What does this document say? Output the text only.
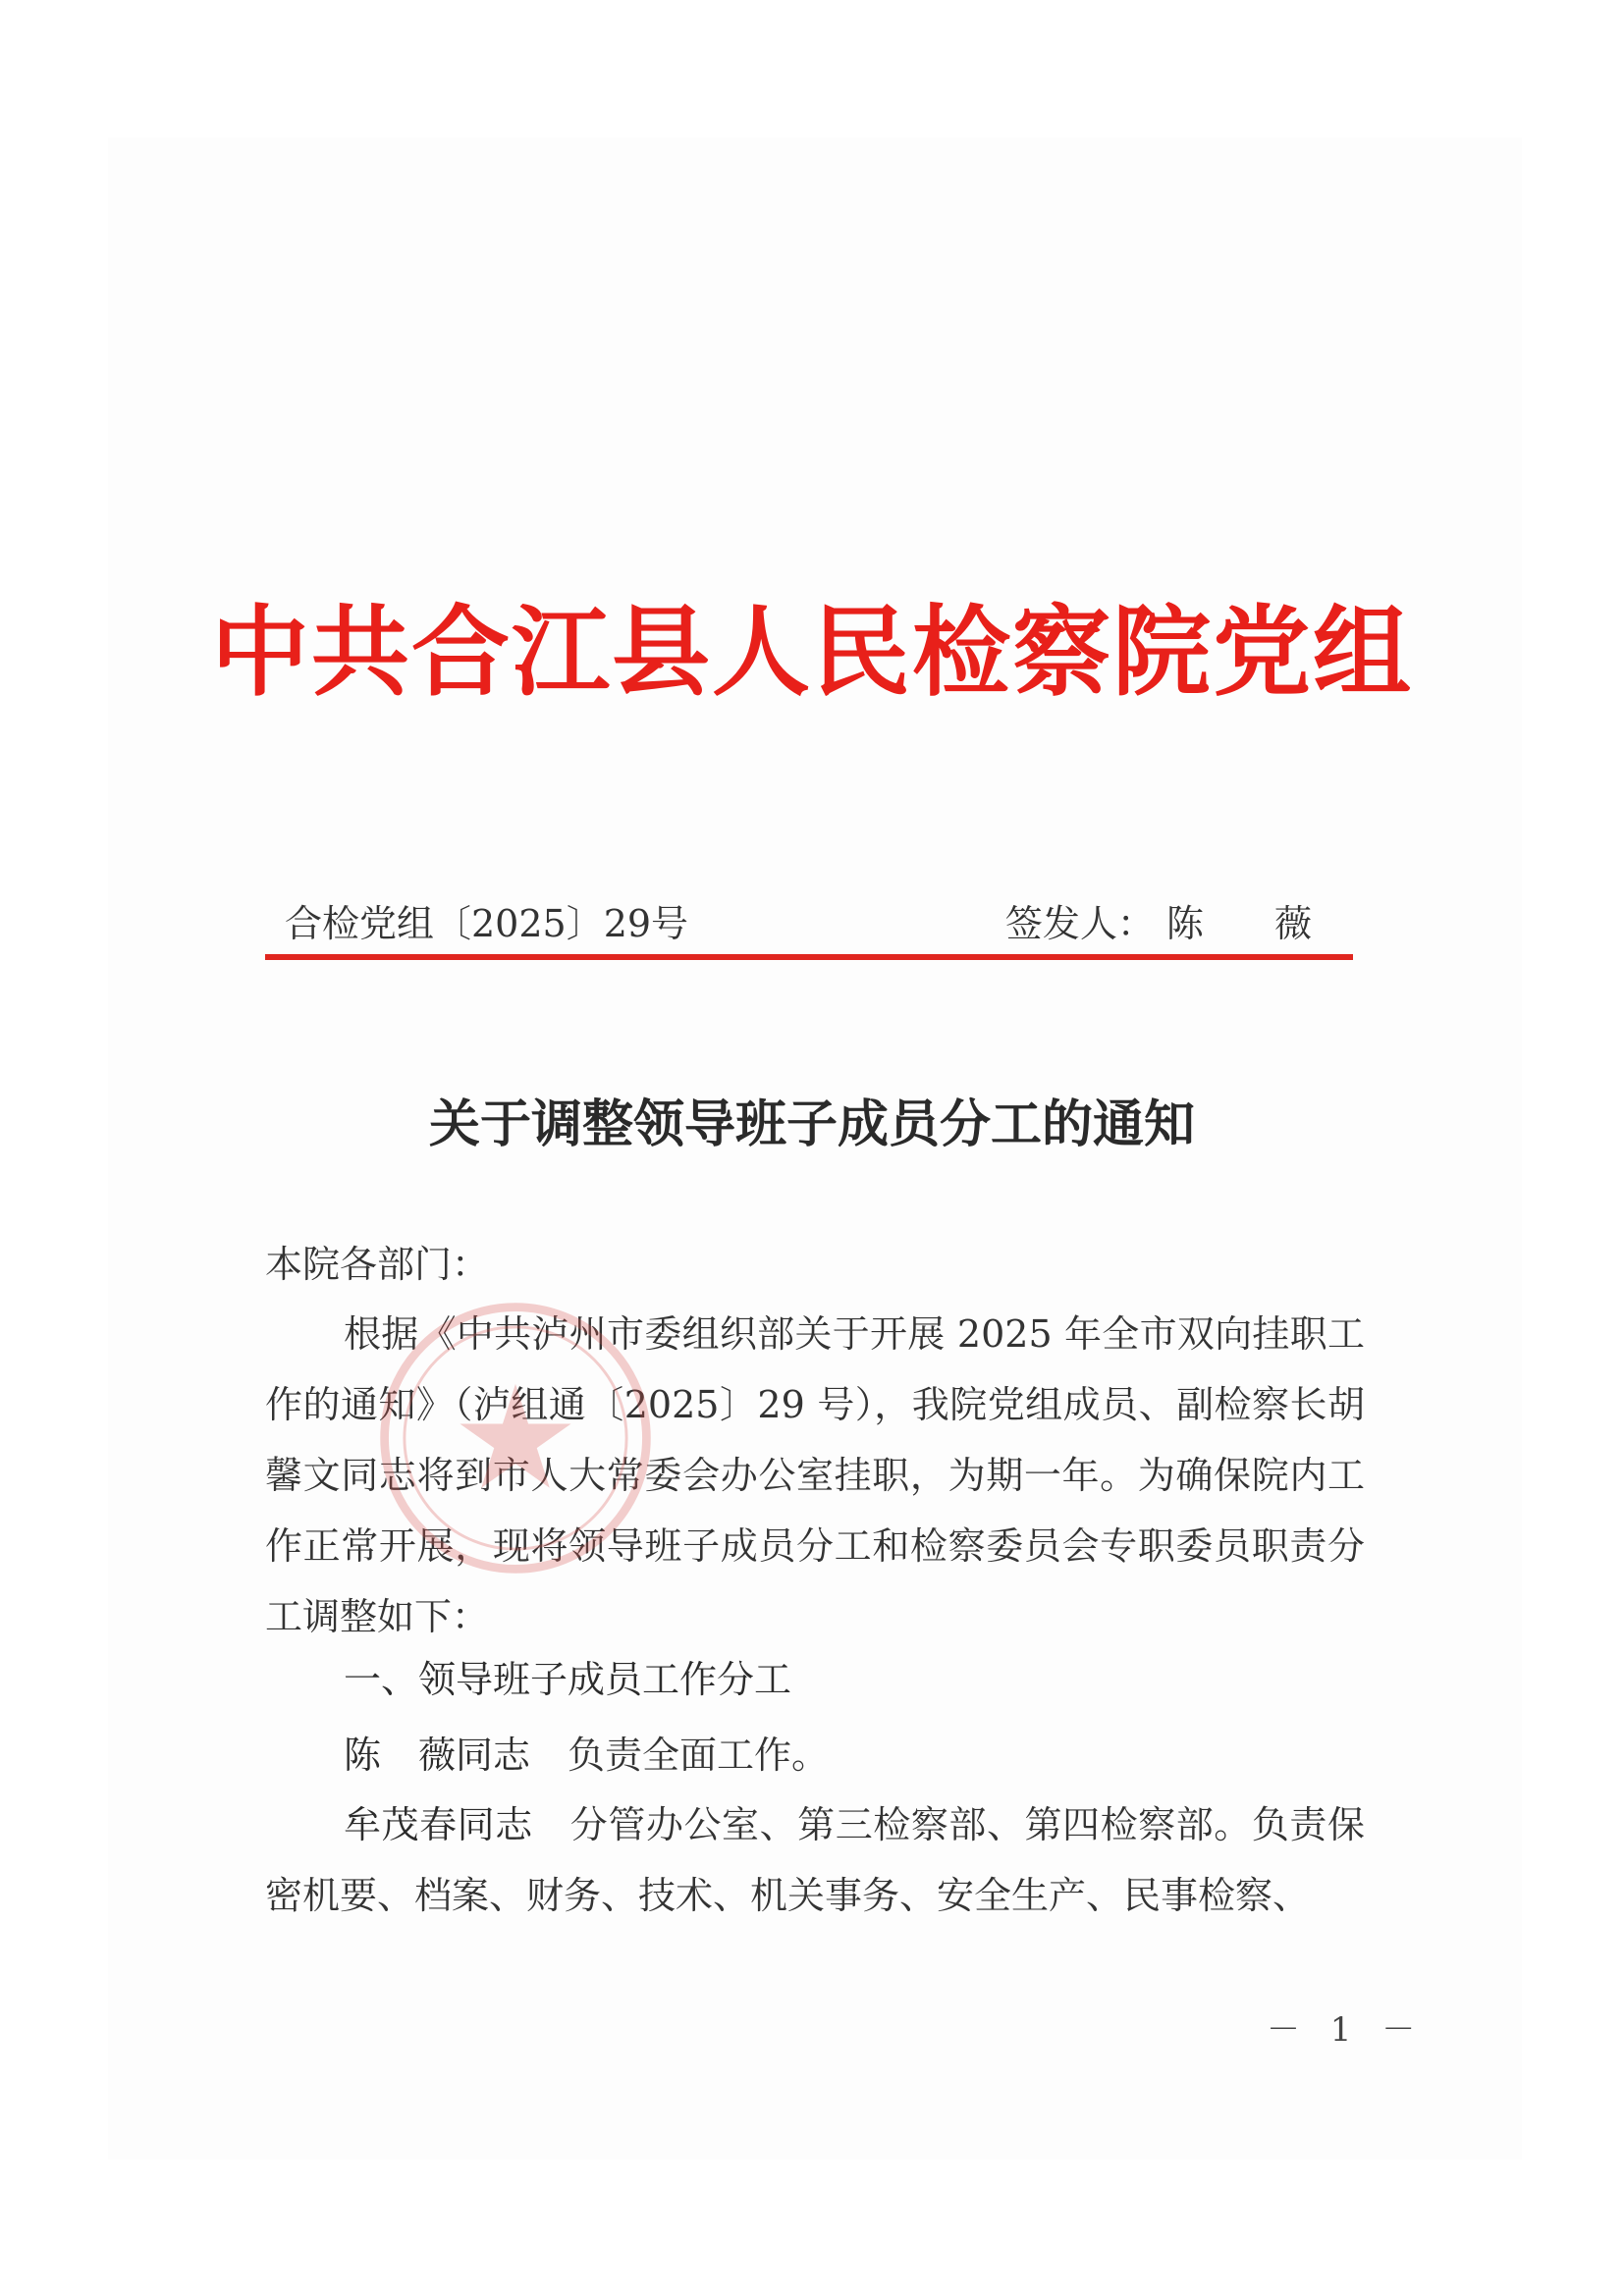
中共合江县人民检察院党组
合检党组〔2025〕29号	签发人： 陈 薇
关于调整领导班子成员分工的通知
本院各部门：
根据《中共泸州市委组织部关于开展 2025 年全市双向挂职工作的通知》（泸组通〔2025〕29 号），我院党组成员、副检察长胡馨文同志将到市人大常委会办公室挂职，为期一年。为确保院内工作正常开展，现将领导班子成员分工和检察委员会专职委员职责分工调整如下：
一、领导班子成员工作分工
陈　薇同志 负责全面工作。
牟茂春同志 分管办公室、第三检察部、第四检察部。负责保密机要、档案、财务、技术、机关事务、安全生产、民事检察、
－ 1 －
